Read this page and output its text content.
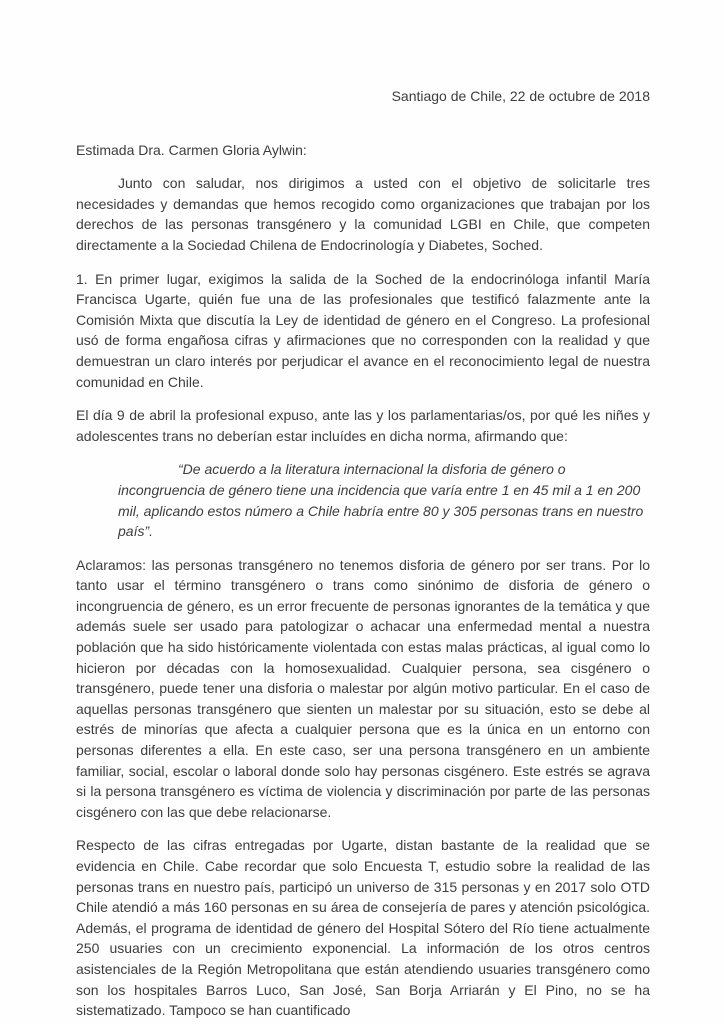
Santiago de Chile, 22 de octubre de 2018

Estimada Dra. Carmen Gloria Aylwin:

Junto con saludar, nos dirigimos a usted con el objetivo de solicitarle tres necesidades y demandas que hemos recogido como organizaciones que trabajan por los derechos de las personas transgénero y la comunidad LGBI en Chile, que competen directamente a la Sociedad Chilena de Endocrinología y Diabetes, Soched.

1. En primer lugar, exigimos la salida de la Soched de la endocrinóloga infantil María Francisca Ugarte, quién fue una de las profesionales que testificó falazmente ante la Comisión Mixta que discutía la Ley de identidad de género en el Congreso. La profesional usó de forma engañosa cifras y afirmaciones que no corresponden con la realidad y que demuestran un claro interés por perjudicar el avance en el reconocimiento legal de nuestra comunidad en Chile.

El día 9 de abril la profesional expuso, ante las y los parlamentarias/os, por qué les niñes y adolescentes trans no deberían estar incluídes en dicha norma, afirmando que:

“De acuerdo a la literatura internacional la disforia de género o incongruencia de género tiene una incidencia que varía entre 1 en 45 mil a 1 en 200 mil, aplicando estos número a Chile habría entre 80 y 305 personas trans en nuestro país”.

Aclaramos: las personas transgénero no tenemos disforia de género por ser trans. Por lo tanto usar el término transgénero o trans como sinónimo de disforia de género o incongruencia de género, es un error frecuente de personas ignorantes de la temática y que además suele ser usado para patologizar o achacar una enfermedad mental a nuestra población que ha sido históricamente violentada con estas malas prácticas, al igual como lo hicieron por décadas con la homosexualidad. Cualquier persona, sea cisgénero o transgénero, puede tener una disforia o malestar por algún motivo particular. En el caso de aquellas personas transgénero que sienten un malestar por su situación, esto se debe al estrés de minorías que afecta a cualquier persona que es la única en un entorno con personas diferentes a ella. En este caso, ser una persona transgénero en un ambiente familiar, social, escolar o laboral donde solo hay personas cisgénero. Este estrés se agrava si la persona transgénero es víctima de violencia y discriminación por parte de las personas cisgénero con las que debe relacionarse.

Respecto de las cifras entregadas por Ugarte, distan bastante de la realidad que se evidencia en Chile. Cabe recordar que solo Encuesta T, estudio sobre la realidad de las personas trans en nuestro país, participó un universo de 315 personas y en 2017 solo OTD Chile atendió a más 160 personas en su área de consejería de pares y atención psicológica. Además, el programa de identidad de género del Hospital Sótero del Río tiene actualmente 250 usuaries con un crecimiento exponencial. La información de los otros centros asistenciales de la Región Metropolitana que están atendiendo usuaries transgénero como son los hospitales Barros Luco, San José, San Borja Arriarán y El Pino, no se ha sistematizado. Tampoco se han cuantificado
